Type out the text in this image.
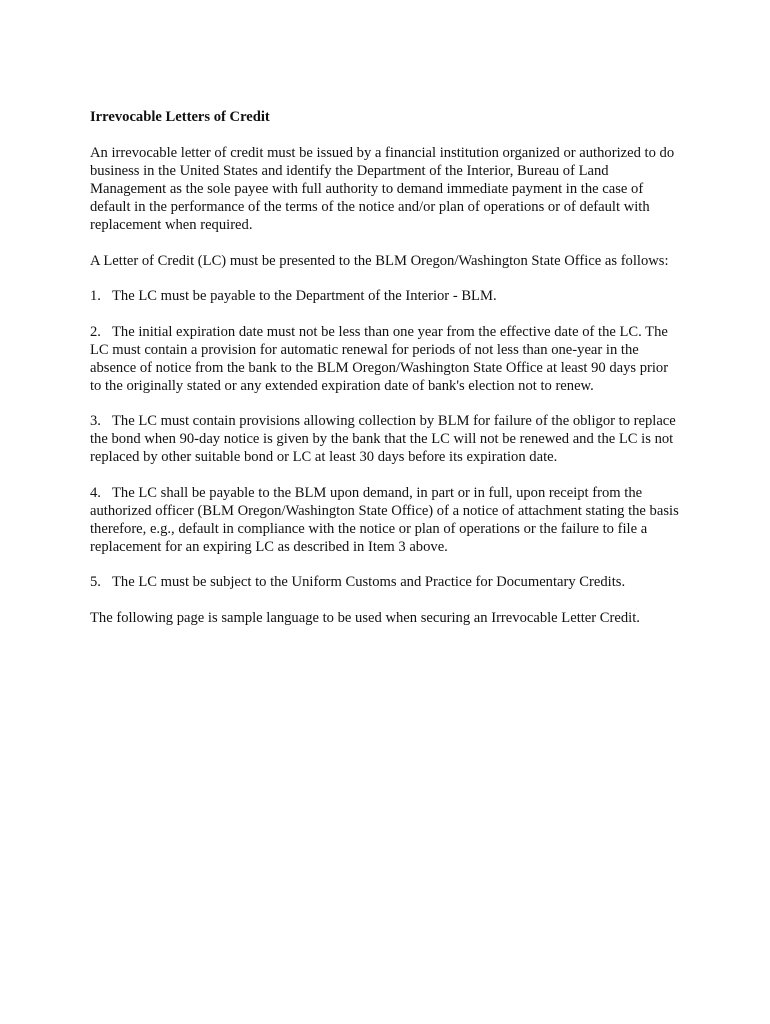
Irrevocable Letters of Credit

An irrevocable letter of credit must be issued by a financial institution organized or authorized to do business in the United States and identify the Department of the Interior, Bureau of Land Management as the sole payee with full authority to demand immediate payment in the case of default in the performance of the terms of the notice and/or plan of operations or of default with replacement when required.

A Letter of Credit (LC) must be presented to the BLM Oregon/Washington State Office as follows:

1. The LC must be payable to the Department of the Interior - BLM.

2. The initial expiration date must not be less than one year from the effective date of the LC. The LC must contain a provision for automatic renewal for periods of not less than one-year in the absence of notice from the bank to the BLM Oregon/Washington State Office at least 90 days prior to the originally stated or any extended expiration date of bank's election not to renew.

3. The LC must contain provisions allowing collection by BLM for failure of the obligor to replace the bond when 90-day notice is given by the bank that the LC will not be renewed and the LC is not replaced by other suitable bond or LC at least 30 days before its expiration date.

4. The LC shall be payable to the BLM upon demand, in part or in full, upon receipt from the authorized officer (BLM Oregon/Washington State Office) of a notice of attachment stating the basis therefore, e.g., default in compliance with the notice or plan of operations or the failure to file a replacement for an expiring LC as described in Item 3 above.

5. The LC must be subject to the Uniform Customs and Practice for Documentary Credits.

The following page is sample language to be used when securing an Irrevocable Letter Credit.
